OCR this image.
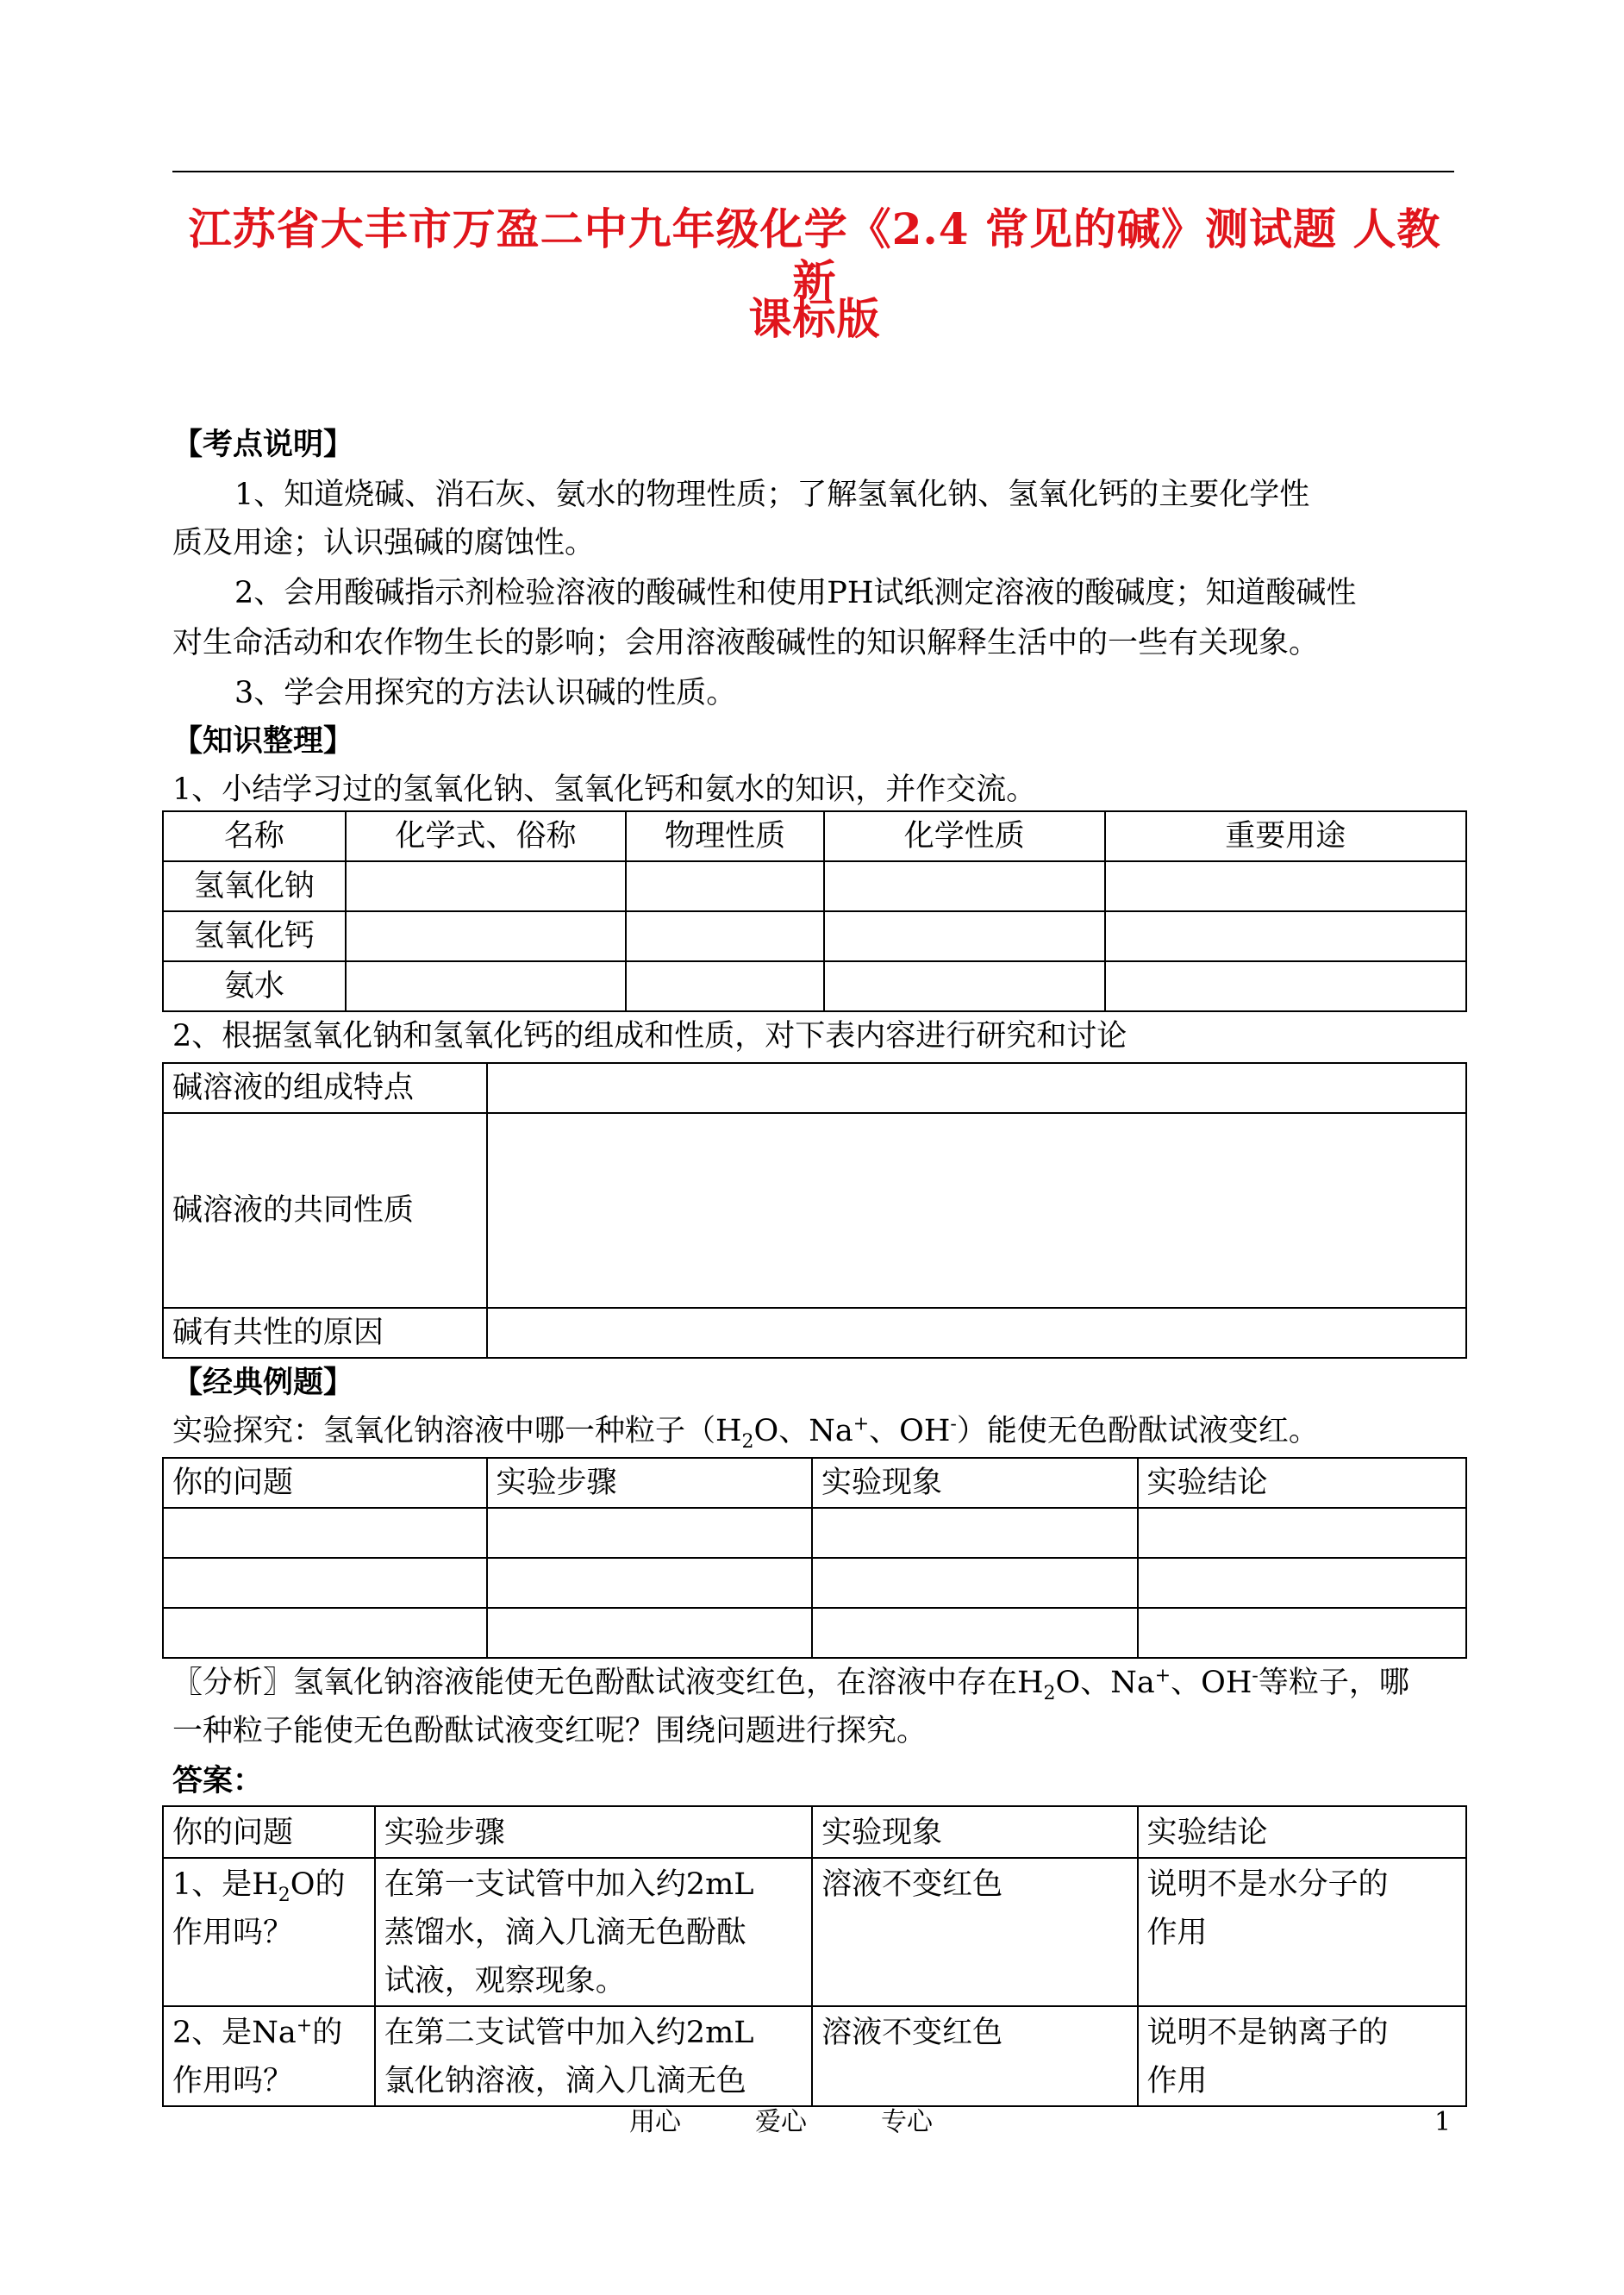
江苏省大丰市万盈二中九年级化学《2.4 常见的碱》测试题 人教新
课标版
【考点说明】
1、知道烧碱、消石灰、氨水的物理性质；了解氢氧化钠、氢氧化钙的主要化学性
质及用途；认识强碱的腐蚀性。
2、会用酸碱指示剂检验溶液的酸碱性和使用PH试纸测定溶液的酸碱度；知道酸碱性
对生命活动和农作物生长的影响；会用溶液酸碱性的知识解释生活中的一些有关现象。
3、学会用探究的方法认识碱的性质。
【知识整理】
1、小结学习过的氢氧化钠、氢氧化钙和氨水的知识，并作交流。
名称	化学式、俗称	物理性质	化学性质	重要用途
氢氧化钠				
氢氧化钙				
氨水				
2、根据氢氧化钠和氢氧化钙的组成和性质，对下表内容进行研究和讨论
碱溶液的组成特点	
碱溶液的共同性质	
碱有共性的原因	
【经典例题】
实验探究：氢氧化钠溶液中哪一种粒子（$H_2O$、Na+、OH-）能使无色酚酞试液变红。
你的问题	实验步骤	实验现象	实验结论

〖分析〗氢氧化钠溶液能使无色酚酞试液变红色，在溶液中存在$H_2O$、Na+、OH-等粒子，哪
一种粒子能使无色酚酞试液变红呢？围绕问题进行探究。
答案：
你的问题	实验步骤	实验现象	实验结论
1、是$H_2O$的
作用吗？	在第一支试管中加入约2mL
蒸馏水，滴入几滴无色酚酞
试液，观察现象。	溶液不变红色	说明不是水分子的
作用
2、是Na+的
作用吗？	在第二支试管中加入约2mL
氯化钠溶液，滴入几滴无色	溶液不变红色	说明不是钠离子的
作用
用心	爱心	专心	1
